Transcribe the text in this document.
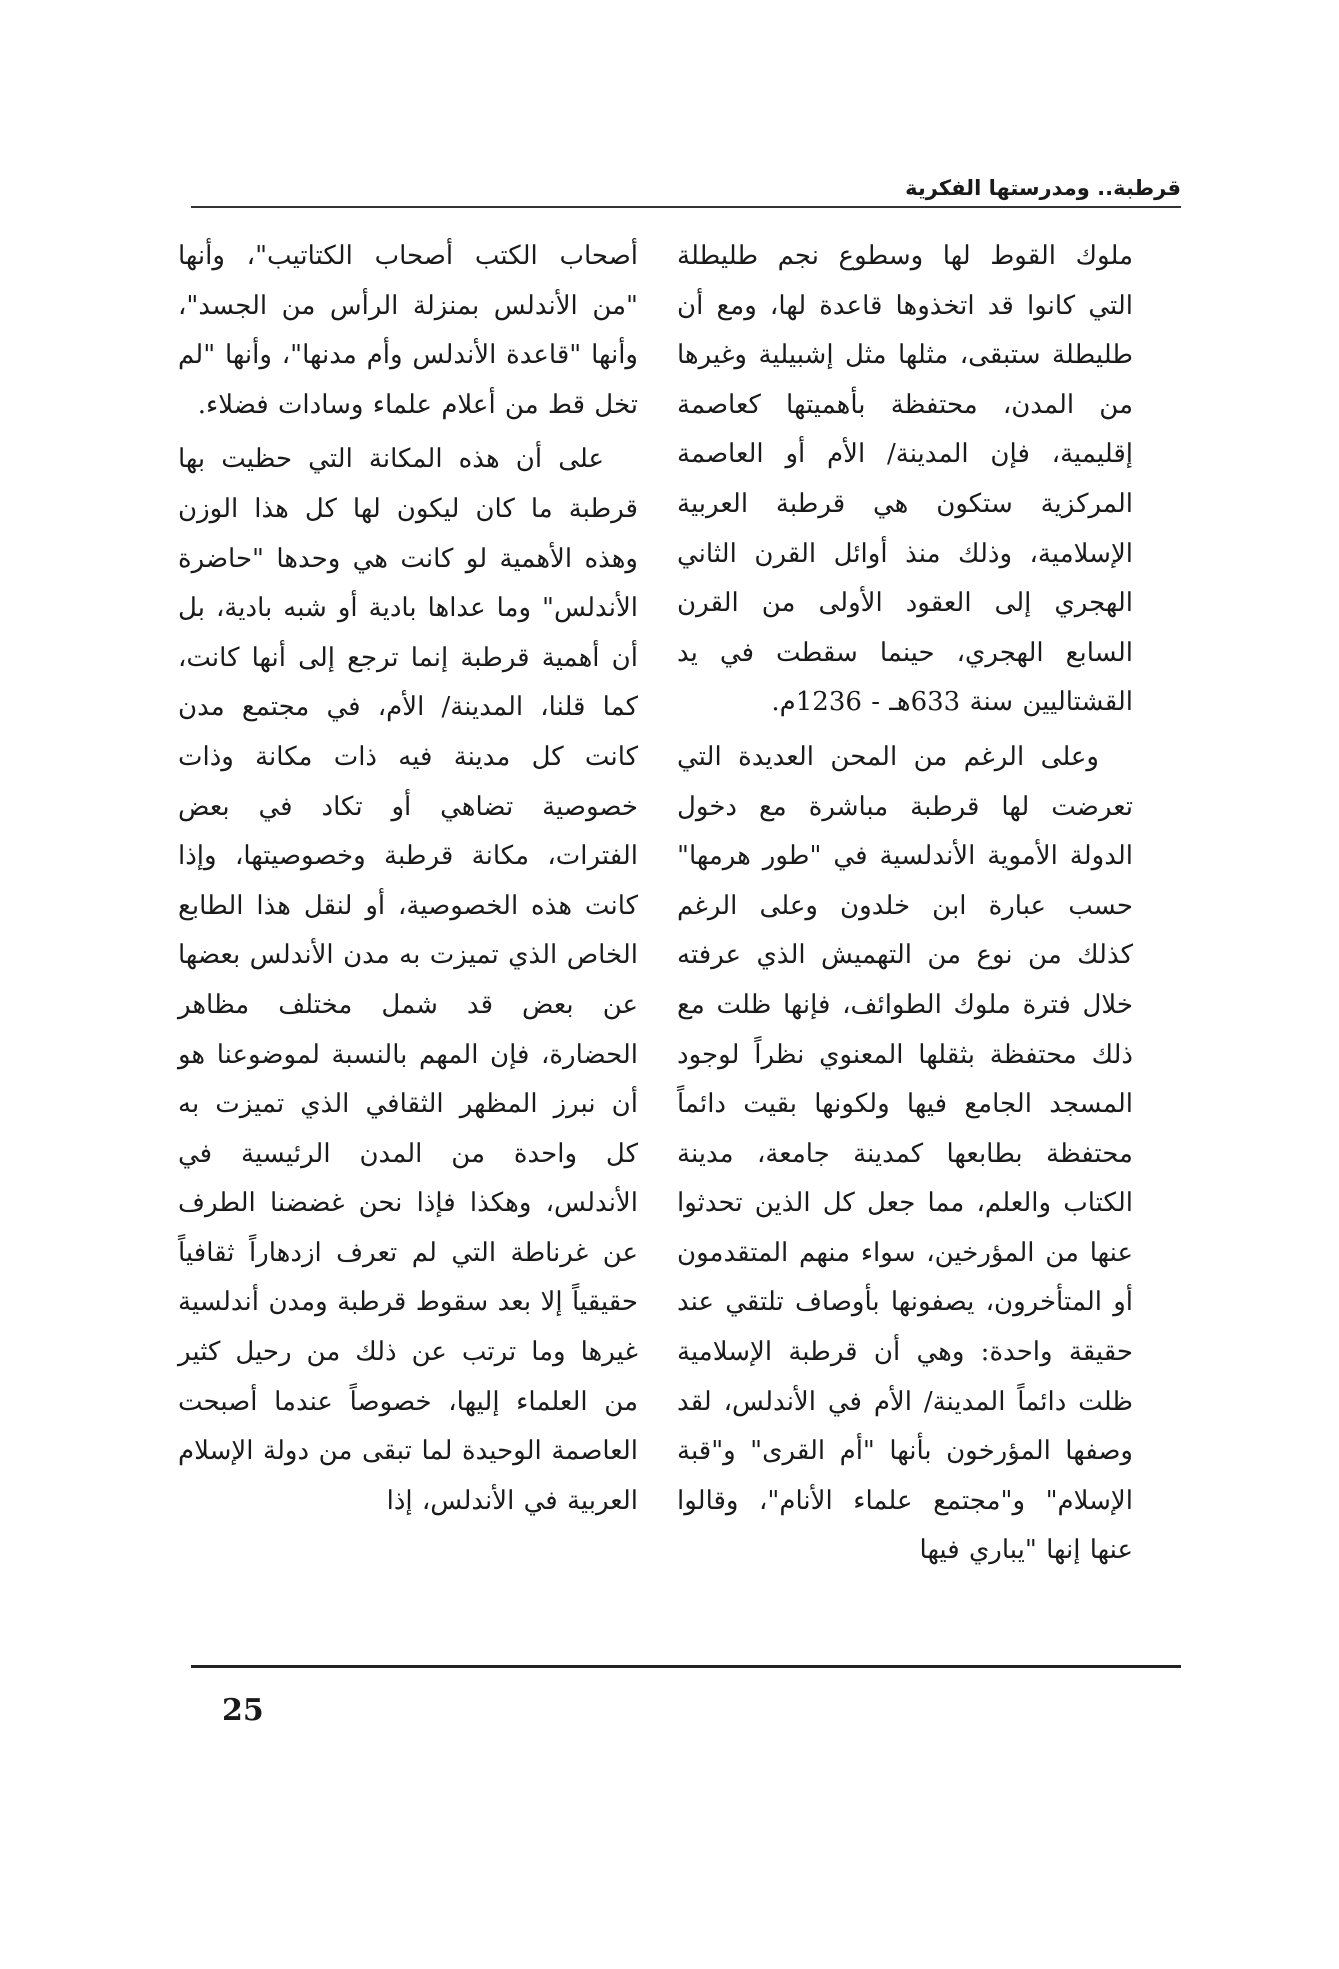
قرطبة.. ومدرستها الفكرية

ملوك القوط لها وسطوع نجم طليطلة التي كانوا قد اتخذوها قاعدة لها، ومع أن طليطلة ستبقى، مثلها مثل إشبيلية وغيرها من المدن، محتفظة بأهميتها كعاصمة إقليمية، فإن المدينة/ الأم أو العاصمة المركزية ستكون هي قرطبة العربية الإسلامية، وذلك منذ أوائل القرن الثاني الهجري إلى العقود الأولى من القرن السابع الهجري، حينما سقطت في يد القشتاليين سنة 633هـ - 1236م.

وعلى الرغم من المحن العديدة التي تعرضت لها قرطبة مباشرة مع دخول الدولة الأموية الأندلسية في "طور هرمها" حسب عبارة ابن خلدون وعلى الرغم كذلك من نوع من التهميش الذي عرفته خلال فترة ملوك الطوائف، فإنها ظلت مع ذلك محتفظة بثقلها المعنوي نظراً لوجود المسجد الجامع فيها ولكونها بقيت دائماً محتفظة بطابعها كمدينة جامعة، مدينة الكتاب والعلم، مما جعل كل الذين تحدثوا عنها من المؤرخين، سواء منهم المتقدمون أو المتأخرون، يصفونها بأوصاف تلتقي عند حقيقة واحدة: وهي أن قرطبة الإسلامية ظلت دائماً المدينة/ الأم في الأندلس، لقد وصفها المؤرخون بأنها "أم القرى" و"قبة الإسلام" و"مجتمع علماء الأنام"، وقالوا عنها إنها "يباري فيها

أصحاب الكتب أصحاب الكتاتيب"، وأنها "من الأندلس بمنزلة الرأس من الجسد"، وأنها "قاعدة الأندلس وأم مدنها"، وأنها "لم تخل قط من أعلام علماء وسادات فضلاء.

على أن هذه المكانة التي حظيت بها قرطبة ما كان ليكون لها كل هذا الوزن وهذه الأهمية لو كانت هي وحدها "حاضرة الأندلس" وما عداها بادية أو شبه بادية، بل أن أهمية قرطبة إنما ترجع إلى أنها كانت، كما قلنا، المدينة/ الأم، في مجتمع مدن كانت كل مدينة فيه ذات مكانة وذات خصوصية تضاهي أو تكاد في بعض الفترات، مكانة قرطبة وخصوصيتها، وإذا كانت هذه الخصوصية، أو لنقل هذا الطابع الخاص الذي تميزت به مدن الأندلس بعضها عن بعض قد شمل مختلف مظاهر الحضارة، فإن المهم بالنسبة لموضوعنا هو أن نبرز المظهر الثقافي الذي تميزت به كل واحدة من المدن الرئيسية في الأندلس، وهكذا فإذا نحن غضضنا الطرف عن غرناطة التي لم تعرف ازدهاراً ثقافياً حقيقياً إلا بعد سقوط قرطبة ومدن أندلسية غيرها وما ترتب عن ذلك من رحيل كثير من العلماء إليها، خصوصاً عندما أصبحت العاصمة الوحيدة لما تبقى من دولة الإسلام العربية في الأندلس، إذا

25
